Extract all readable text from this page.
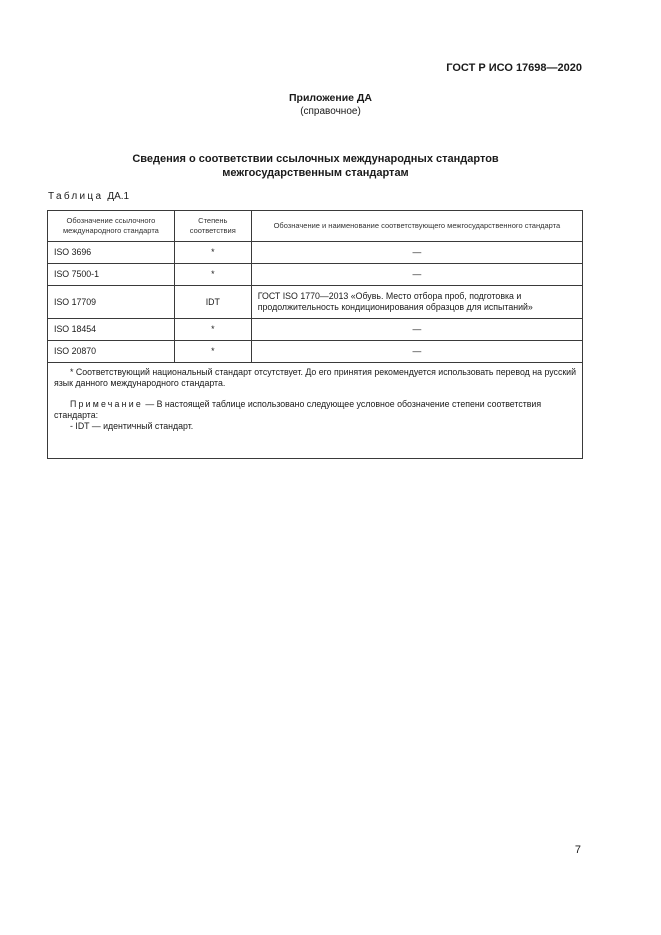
ГОСТ Р ИСО 17698—2020
Приложение ДА
(справочное)
Сведения о соответствии ссылочных международных стандартов
межгосударственным стандартам
Таблица ДА.1
Обозначение ссылочного международного стандарта	Степень соответствия	Обозначение и наименование соответствующего межгосударственного стандарта
ISO 3696	*	—
ISO 7500-1	*	—
ISO 17709	IDT	ГОСТ ISO 1770—2013 «Обувь. Место отбора проб, подготовка и продолжительность кондиционирования образцов для испытаний»
ISO 18454	*	—
ISO 20870	*	—

* Соответствующий национальный стандарт отсутствует. До его принятия рекомендуется использовать перевод на русский язык данного международного стандарта.

Примечание — В настоящей таблице использовано следующее условное обозначение степени соответствия стандарта:

- IDT — идентичный стандарт.		

7
